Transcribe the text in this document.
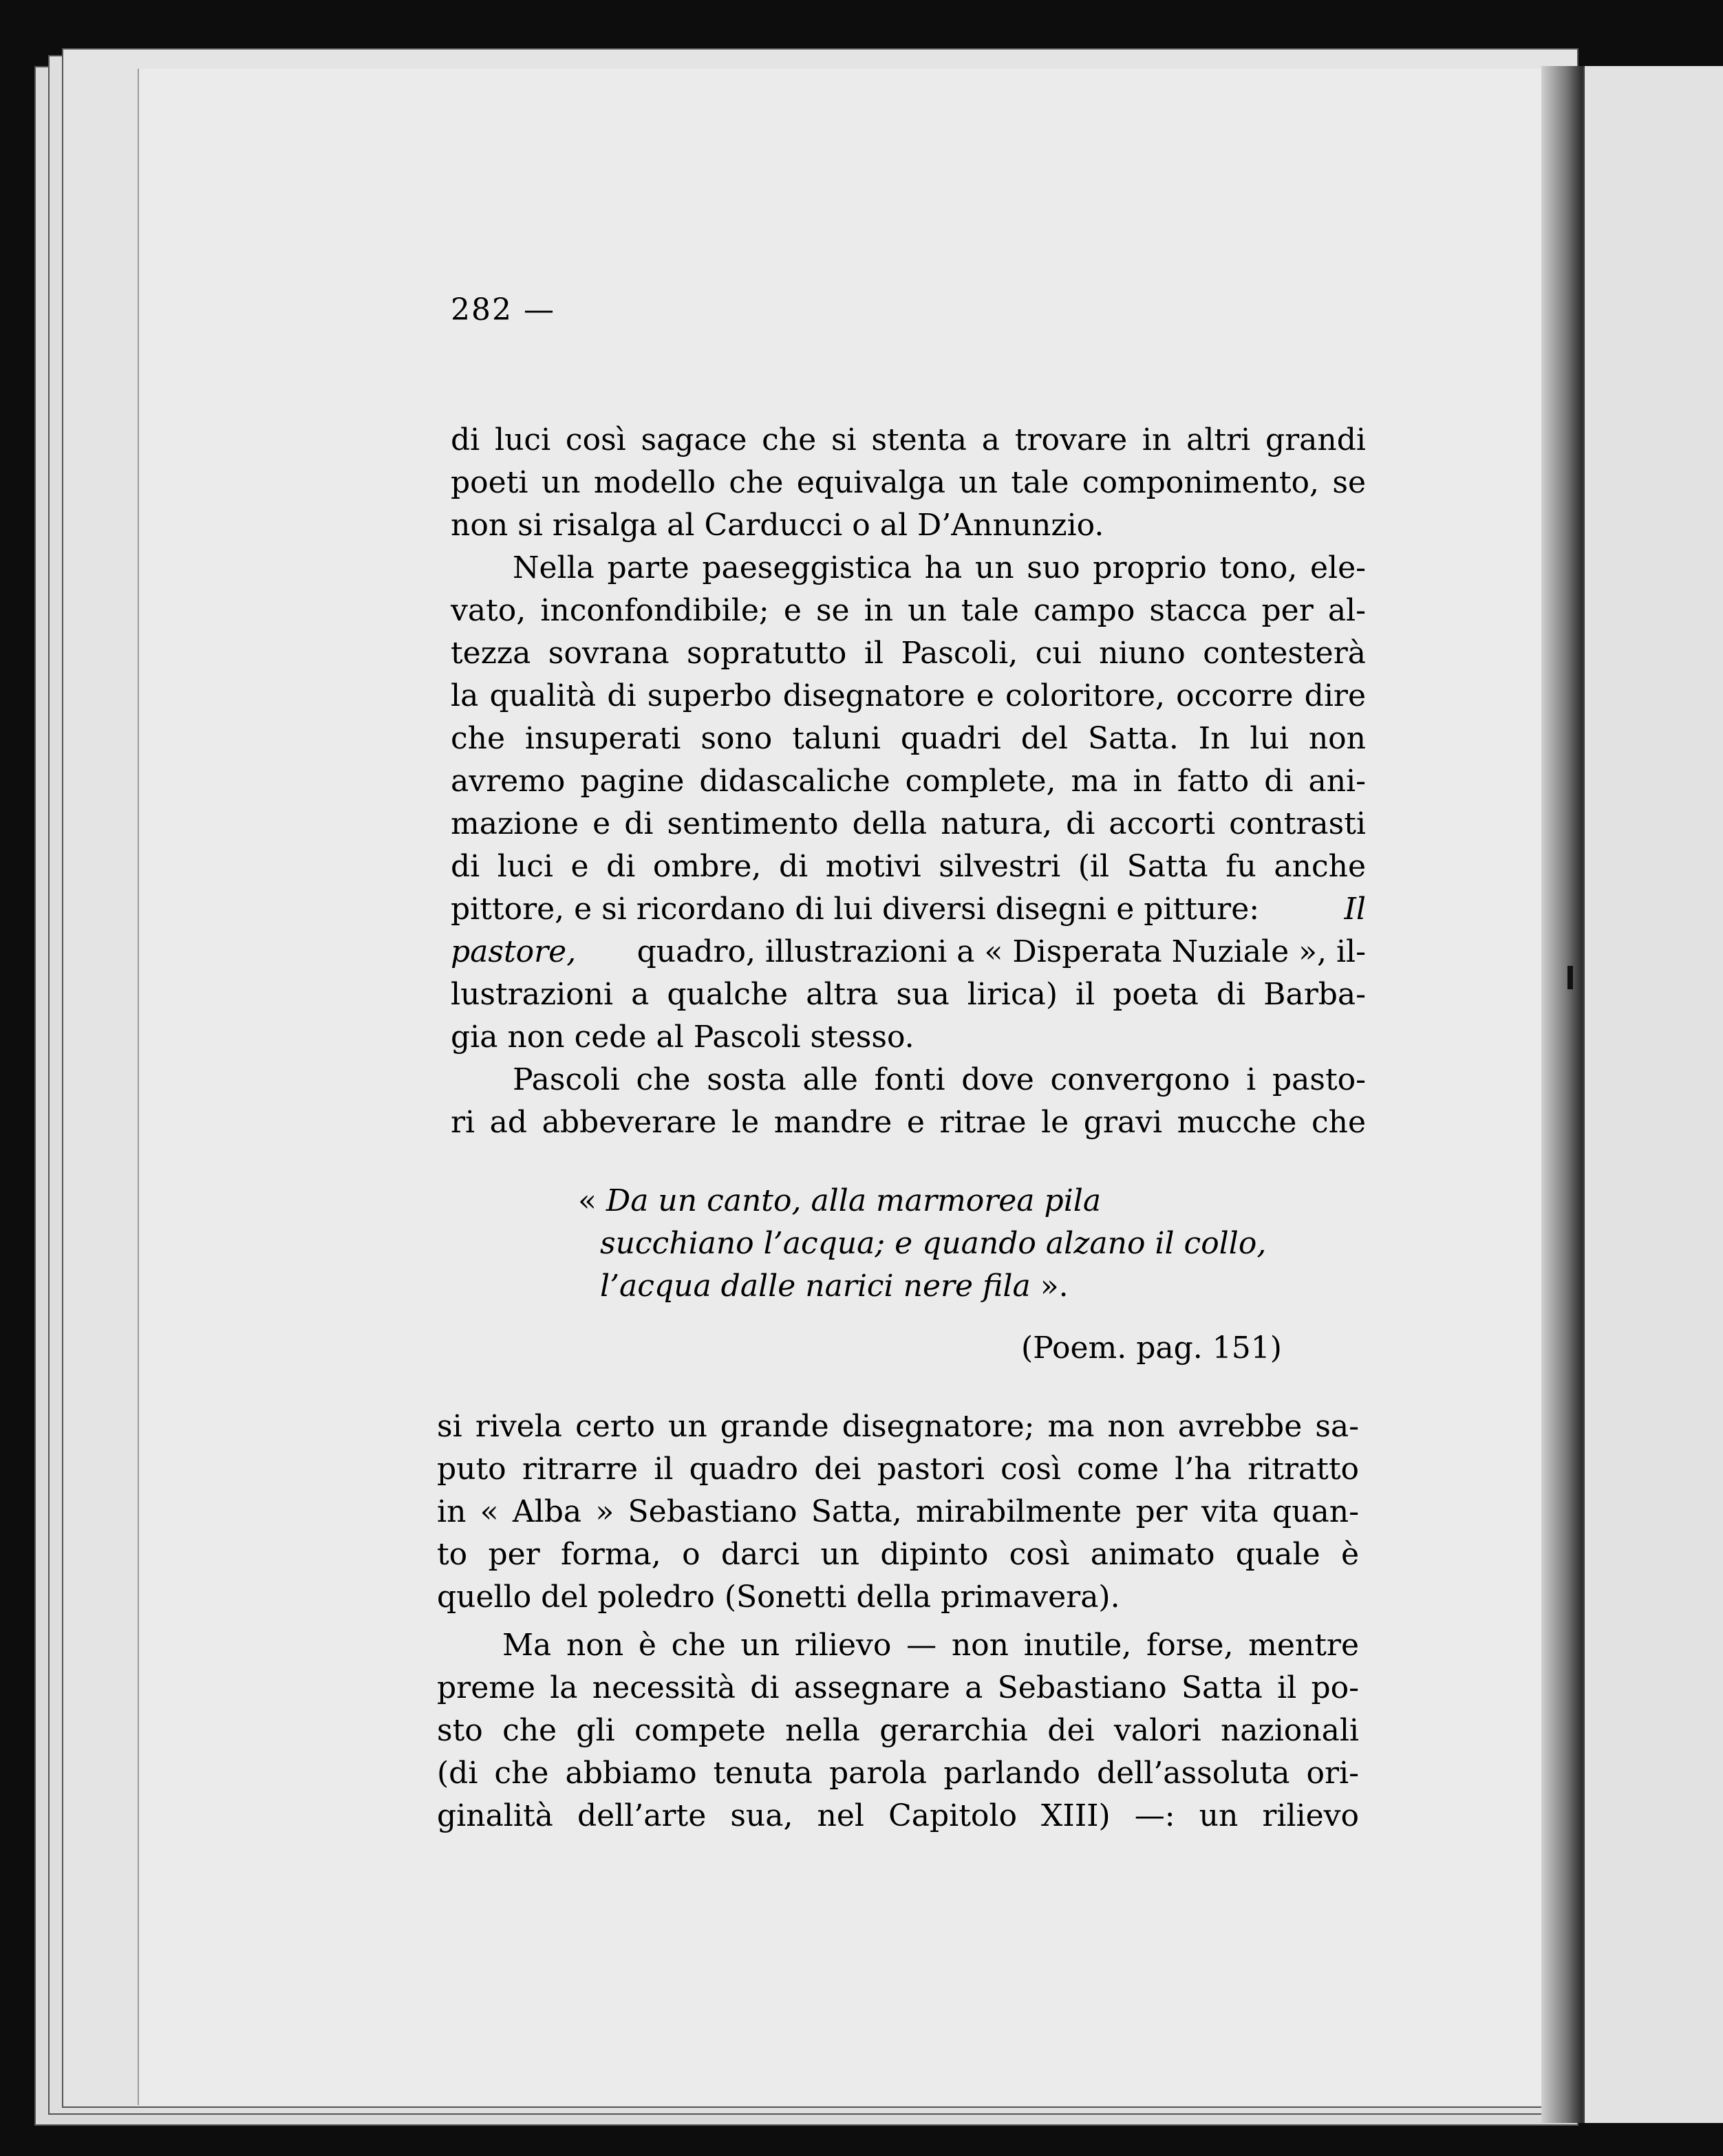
282 —
di luci così sagace che si stenta a trovare in altri grandi
poeti un modello che equivalga un tale componimento, se
non si risalga al Carducci o al D’Annunzio.
Nella parte paeseggistica ha un suo proprio tono, ele-
vato, inconfondibile; e se in un tale campo stacca per al-
tezza sovrana sopratutto il Pascoli, cui niuno contesterà
la qualità di superbo disegnatore e coloritore, occorre dire
che insuperati sono taluni quadri del Satta. In lui non
avremo pagine didascaliche complete, ma in fatto di ani-
mazione e di sentimento della natura, di accorti contrasti
di luci e di ombre, di motivi silvestri (il Satta fu anche
pittore, e si ricordano di lui diversi disegni e pitture:	Il
pastore, quadro, illustrazioni a « Disperata Nuziale », il-
lustrazioni a qualche altra sua lirica) il poeta di Barba-
gia non cede al Pascoli stesso.
Pascoli che sosta alle fonti dove convergono i pasto-
ri ad abbeverare le mandre e ritrae le gravi mucche che
« Da un canto, alla marmorea pila
succhiano l’acqua; e quando alzano il collo,
l’acqua dalle narici nere fila ».
(Poem. pag. 151)
si rivela certo un grande disegnatore; ma non avrebbe sa-
puto ritrarre il quadro dei pastori così come l’ha ritratto
in « Alba » Sebastiano Satta, mirabilmente per vita quan-
to per forma, o darci un dipinto così animato quale è
quello del poledro (Sonetti della primavera).
Ma non è che un rilievo — non inutile, forse, mentre
preme la necessità di assegnare a Sebastiano Satta il po-
sto che gli compete nella gerarchia dei valori nazionali
(di che abbiamo tenuta parola parlando dell’assoluta ori-
ginalità dell’arte sua, nel Capitolo XIII) —: un rilievo
